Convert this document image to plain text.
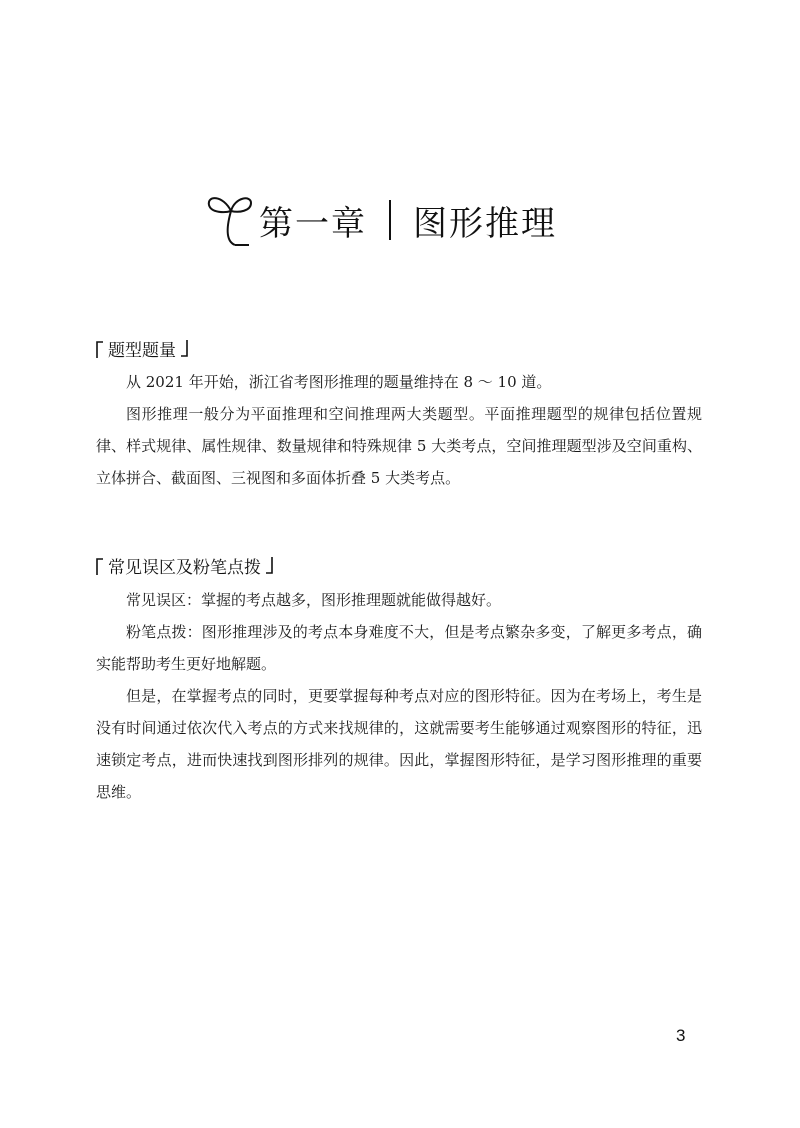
第一章 图形推理
题型题量

从 2021 年开始，浙江省考图形推理的题量维持在 8 ～ 10 道。

图形推理一般分为平面推理和空间推理两大类题型。平面推理题型的规律包括位置规律、样式规律、属性规律、数量规律和特殊规律 5 大类考点，空间推理题型涉及空间重构、立体拼合、截面图、三视图和多面体折叠 5 大类考点。

常见误区及粉笔点拨

常见误区：掌握的考点越多，图形推理题就能做得越好。

粉笔点拨：图形推理涉及的考点本身难度不大，但是考点繁杂多变，了解更多考点，确实能帮助考生更好地解题。

但是，在掌握考点的同时，更要掌握每种考点对应的图形特征。因为在考场上，考生是没有时间通过依次代入考点的方式来找规律的，这就需要考生能够通过观察图形的特征，迅速锁定考点，进而快速找到图形排列的规律。因此，掌握图形特征，是学习图形推理的重要思维。

3
